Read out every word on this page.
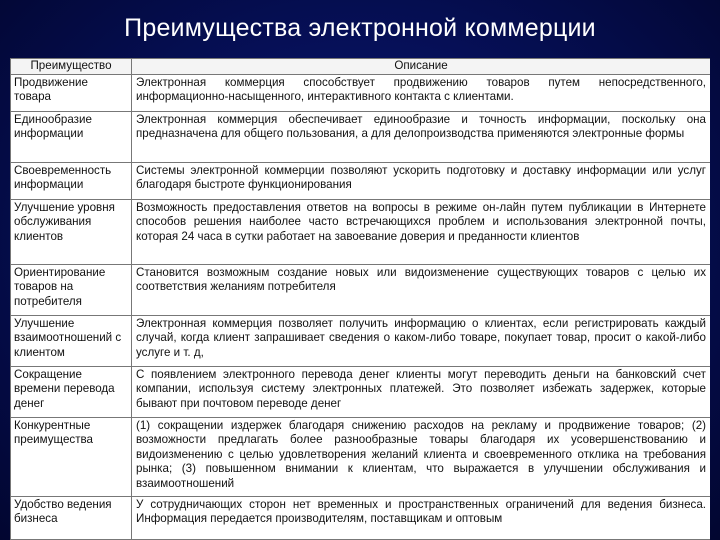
Преимущества электронной коммерции
Преимущество	Описание
Продвижение товара	Электронная коммерция способствует продвижению товаров путем непосредственного, информационно-насыщенного, интерактивного контакта с клиентами.
Единообразие информации	Электронная коммерция обеспечивает единообразие и точность информации, поскольку она предназначена для общего пользования, а для делопроизводства применяются электронные формы
Своевременность информации	Системы электронной коммерции позволяют ускорить подготовку и доставку информации или услуг благодаря быстроте функционирования
Улучшение уровня обслуживания клиентов	Возможность предоставления ответов на вопросы в режиме он-лайн путем публикации в Интернете способов решения наиболее часто встречающихся проблем и использования электронной почты, которая 24 часа в сутки работает на завоевание доверия и преданности клиентов
Ориентирование товаров на потребителя	Становится возможным создание новых или видоизменение существующих товаров с целью их соответствия желаниям потребителя
Улучшение взаимоотношений с клиентом	Электронная коммерция позволяет получить информацию о клиентах, если регистрировать каждый случай, когда клиент запрашивает сведения о каком-либо товаре, покупает товар, просит о какой-либо услуге и т. д,
Сокращение времени перевода денег	С появлением электронного перевода денег клиенты могут переводить деньги на банковский счет компании, используя систему электронных платежей. Это позволяет избежать задержек, которые бывают при почтовом переводе денег
Конкурентные преимущества	(1) сокращении издержек благодаря снижению расходов на рекламу и продвижение товаров; (2) возможности предлагать более разнообразные товары благодаря их усовершенствованию и видоизменению с целью удовлетворения желаний клиента и своевременного отклика на требования рынка; (3) повышенном внимании к клиентам, что выражается в улучшении обслуживания и взаимоотношений
Удобство ведения бизнеса	У сотрудничающих сторон нет временных и пространственных ограничений для ведения бизнеса. Информация передается производителям, поставщикам и оптовым
